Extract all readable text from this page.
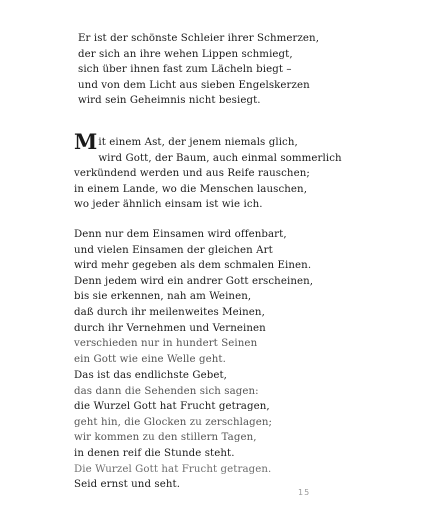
Er ist der schönste Schleier ihrer Schmerzen,
der sich an ihre wehen Lippen schmiegt,
sich über ihnen fast zum Lächeln biegt –
und von dem Licht aus sieben Engelskerzen
wird sein Geheimnis nicht besiegt.
Mit einem Ast, der jenem niemals glich,
wird Gott, der Baum, auch einmal sommerlich
verkündend werden und aus Reife rauschen;
in einem Lande, wo die Menschen lauschen,
wo jeder ähnlich einsam ist wie ich.
Denn nur dem Einsamen wird offenbart,
und vielen Einsamen der gleichen Art
wird mehr gegeben als dem schmalen Einen.
Denn jedem wird ein andrer Gott erscheinen,
bis sie erkennen, nah am Weinen,
daß durch ihr meilenweites Meinen,
durch ihr Vernehmen und Verneinen
verschieden nur in hundert Seinen
ein Gott wie eine Welle geht.
Das ist das endlichste Gebet,
das dann die Sehenden sich sagen:
die Wurzel Gott hat Frucht getragen,
geht hin, die Glocken zu zerschlagen;
wir kommen zu den stillern Tagen,
in denen reif die Stunde steht.
Die Wurzel Gott hat Frucht getragen.
Seid ernst und seht.
15
